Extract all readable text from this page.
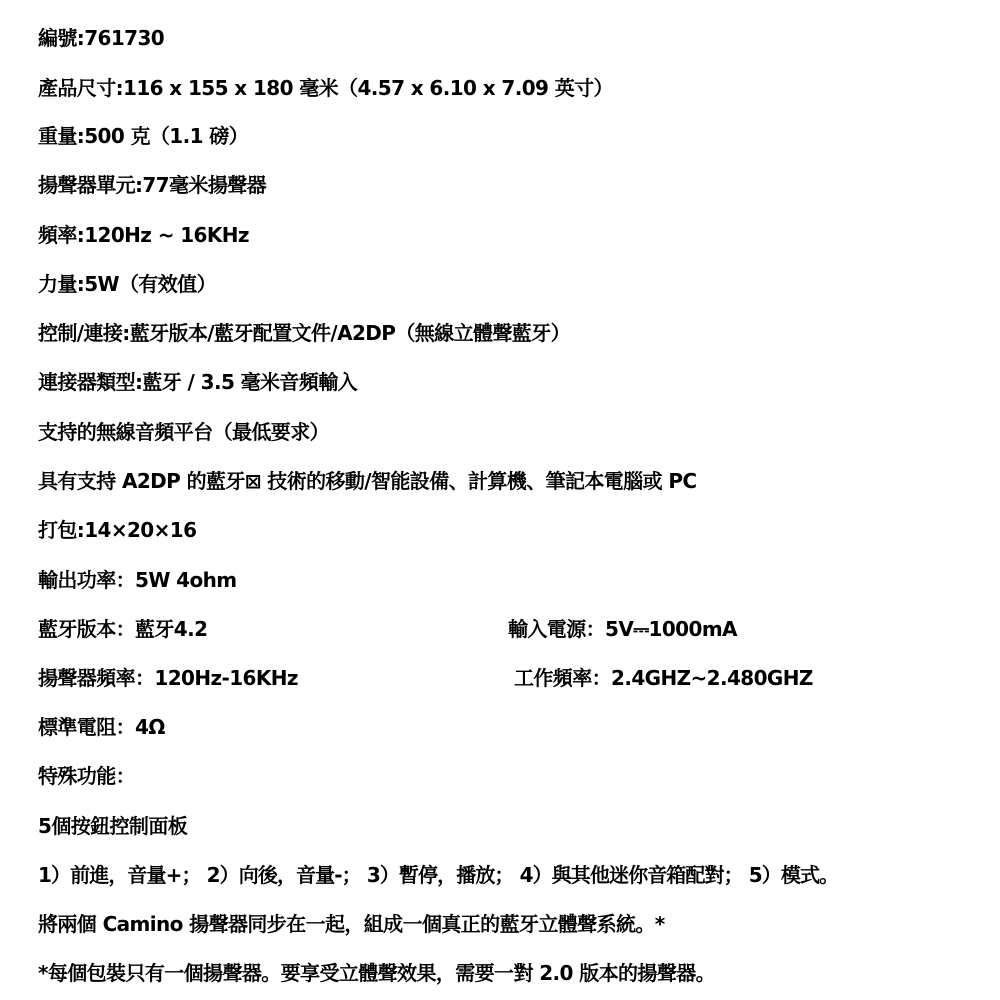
編號:761730
產品尺寸:116 x 155 x 180 毫米（4.57 x 6.10 x 7.09 英寸）
重量:500 克（1.1 磅）
揚聲器單元:77毫米揚聲器
頻率:120Hz ~ 16KHz
力量:5W（有效值）
控制/連接:藍牙版本/藍牙配置文件/A2DP（無線立體聲藍牙）
連接器類型:藍牙 / 3.5 毫米音頻輸入
支持的無線音頻平台（最低要求）
具有支持 A2DP 的藍牙⊠ 技術的移動/智能設備、計算機、筆記本電腦或 PC
打包:14×20×16
輸出功率：5W 4ohm
藍牙版本：藍牙4.2	輸入電源：5V⎓1000mA
揚聲器頻率：120Hz-16KHz	工作頻率：2.4GHZ~2.480GHZ
標準電阻：4Ω
特殊功能：
5個按鈕控制面板
1）前進，音量+； 2）向後，音量-； 3）暫停，播放； 4）與其他迷你音箱配對； 5）模式。
將兩個 Camino 揚聲器同步在一起，組成一個真正的藍牙立體聲系統。*
*每個包裝只有一個揚聲器。要享受立體聲效果，需要一對 2.0 版本的揚聲器。
